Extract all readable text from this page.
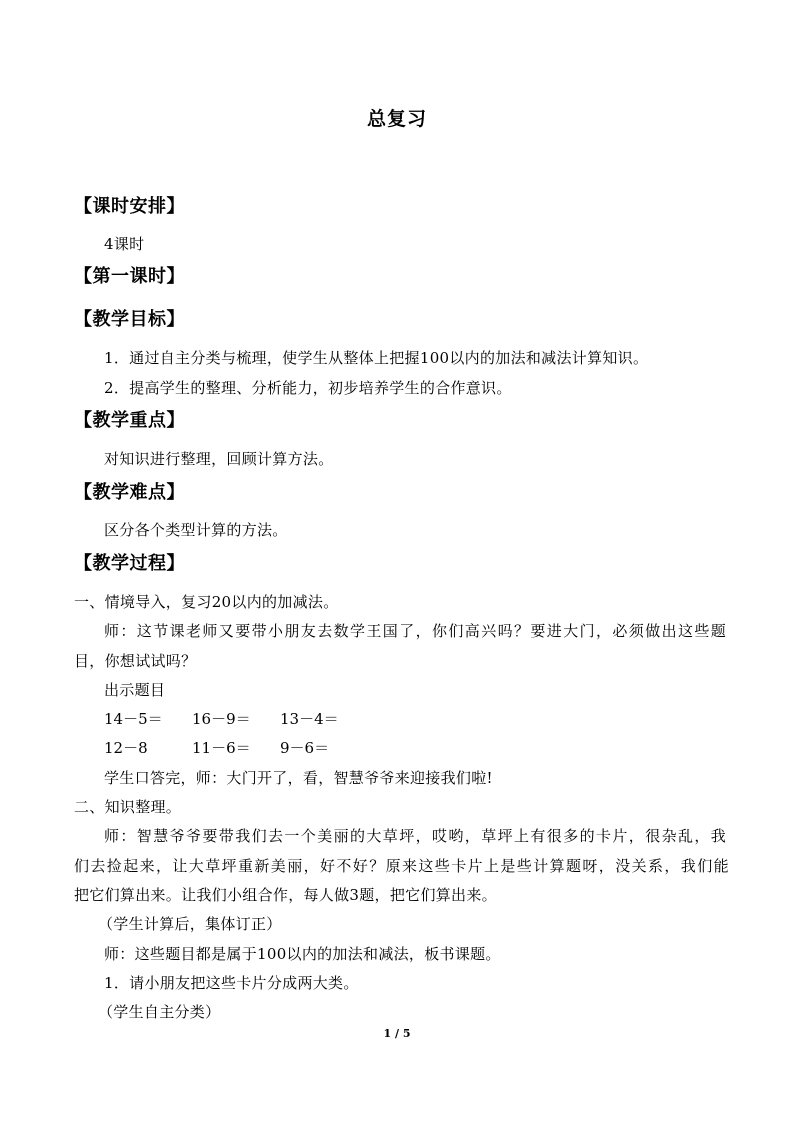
总复习
【课时安排】
4课时
【第一课时】
【教学目标】
1．通过自主分类与梳理，使学生从整体上把握100以内的加法和减法计算知识。
2．提高学生的整理、分析能力，初步培养学生的合作意识。
【教学重点】
对知识进行整理，回顾计算方法。
【教学难点】
区分各个类型计算的方法。
【教学过程】
一、情境导入，复习20以内的加减法。
师：这节课老师又要带小朋友去数学王国了，你们高兴吗？要进大门，必须做出这些题
目，你想试试吗？
出示题目
14－5＝ 16－9＝ 13－4＝
12－8	11－6＝ 9－6＝
学生口答完，师：大门开了，看，智慧爷爷来迎接我们啦!
二、知识整理。
师：智慧爷爷要带我们去一个美丽的大草坪，哎哟，草坪上有很多的卡片，很杂乱，我
们去捡起来，让大草坪重新美丽，好不好？原来这些卡片上是些计算题呀，没关系，我们能
把它们算出来。让我们小组合作，每人做3题，把它们算出来。
（学生计算后，集体订正）
师：这些题目都是属于100以内的加法和减法，板书课题。
1．请小朋友把这些卡片分成两大类。
（学生自主分类）
1 / 5
